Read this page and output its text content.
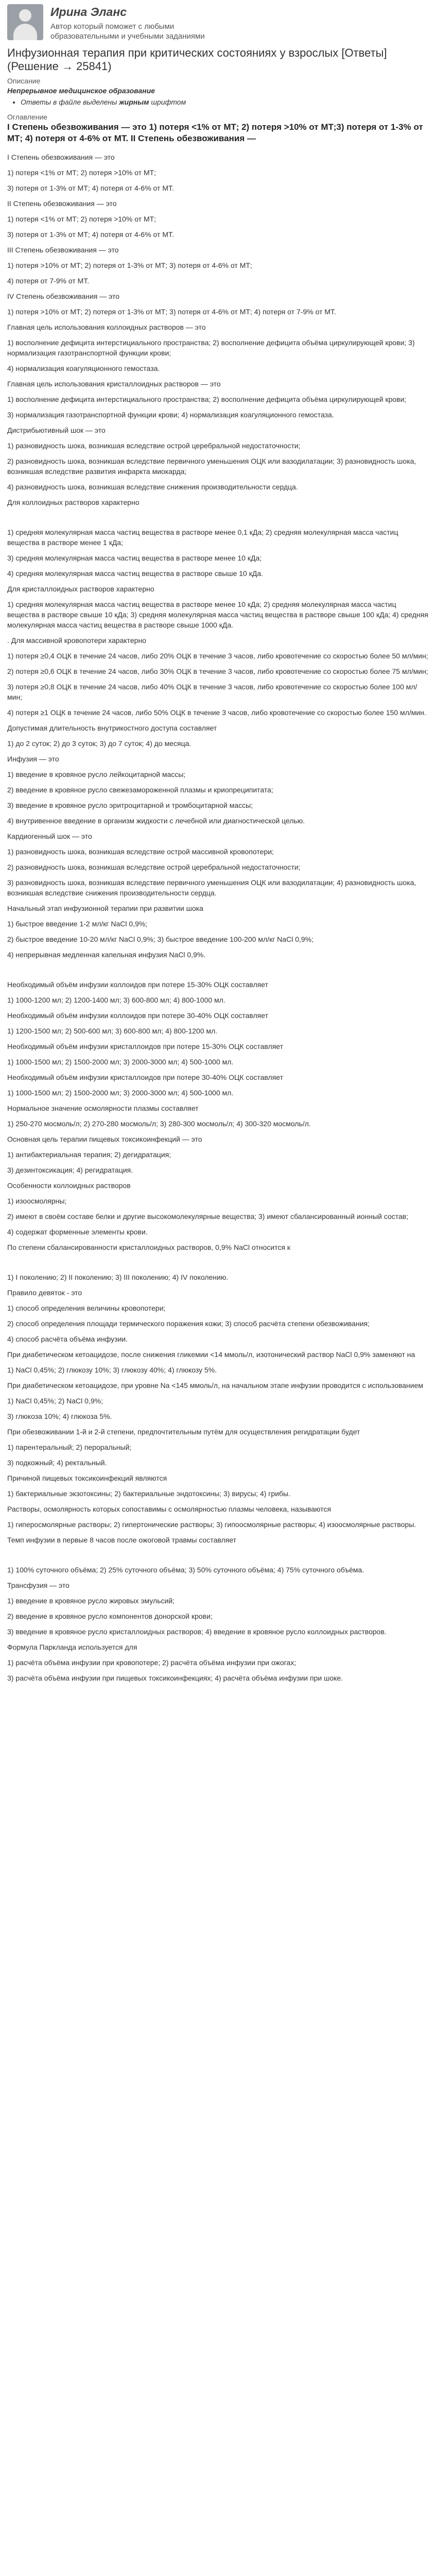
Ирина Эланс
Автор который поможет с любыми образовательными и учебными заданиями
Инфузионная терапия при критических состояниях у взрослых [Ответы] (Решение → 25841)
Описание
Непрерывное медицинское образование
• Ответы в файле выделены жирным шрифтом
Оглавление
I Степень обезвоживания — это 1) потеря <1% от МТ; 2) потеря >10% от МТ;3) потеря от 1-3% от МТ; 4) потеря от 4-6% от МТ. II Степень обезвоживания —
I Степень обезвоживания — это
1) потеря <1% от МТ; 2) потеря >10% от МТ;
3) потеря от 1-3% от МТ; 4) потеря от 4-6% от МТ.
II Степень обезвоживания — это
1) потеря <1% от МТ; 2) потеря >10% от МТ;
3) потеря от 1-3% от МТ; 4) потеря от 4-6% от МТ.
III Степень обезвоживания — это
1) потеря >10% от МТ; 2) потеря от 1-3% от МТ; 3) потеря от 4-6% от МТ;
4) потеря от 7-9% от МТ.
IV Степень обезвоживания — это
1) потеря >10% от МТ; 2) потеря от 1-3% от МТ; 3) потеря от 4-6% от МТ; 4) потеря от 7-9% от МТ.
Главная цель использования коллоидных растворов — это
1) восполнение дефицита интерстициального пространства; 2) восполнение дефицита объёма циркулирующей крови; 3) нормализация газотранспортной функции крови;
4) нормализация коагуляционного гемостаза.
Главная цель использования кристаллоидных растворов — это
1) восполнение дефицита интерстициального пространства; 2) восполнение дефицита объёма циркулирующей крови;
3) нормализация газотранспортной функции крови; 4) нормализация коагуляционного гемостаза.
Дистрибьютивный шок — это
1) разновидность шока, возникшая вследствие острой церебральной недостаточности;
2) разновидность шока, возникшая вследствие первичного уменьшения ОЦК или вазодилатации; 3) разновидность шока, возникшая вследствие развития инфаркта миокарда;
4) разновидность шока, возникшая вследствие снижения производительности сердца.
Для коллоидных растворов характерно
1) средняя молекулярная масса частиц вещества в растворе менее 0,1 кДа; 2) средняя молекулярная масса частиц вещества в растворе менее 1 кДа;
3) средняя молекулярная масса частиц вещества в растворе менее 10 кДа;
4) средняя молекулярная масса частиц вещества в растворе свыше 10 кДа.
Для кристаллоидных растворов характерно
1) средняя молекулярная масса частиц вещества в растворе менее 10 кДа; 2) средняя молекулярная масса частиц вещества в растворе свыше 10 кДа; 3) средняя молекулярная масса частиц вещества в растворе свыше 100 кДа; 4) средняя молекулярная масса частиц вещества в растворе свыше 1000 кДа.
. Для массивной кровопотери характерно
1) потеря ≥0,4 ОЦК в течение 24 часов, либо 20% ОЦК в течение 3 часов, либо кровотечение со скоростью более 50 мл/мин;
2) потеря ≥0,6 ОЦК в течение 24 часов, либо 30% ОЦК в течение 3 часов, либо кровотечение со скоростью более 75 мл/мин;
3) потеря ≥0,8 ОЦК в течение 24 часов, либо 40% ОЦК в течение 3 часов, либо кровотечение со скоростью более 100 мл/мин;
4) потеря ≥1 ОЦК в течение 24 часов, либо 50% ОЦК в течение 3 часов, либо кровотечение со скоростью более 150 мл/мин.
Допустимая длительность внутрикостного доступа составляет
1) до 2 суток; 2) до 3 суток; 3) до 7 суток; 4) до месяца.
Инфузия — это
1) введение в кровяное русло лейкоцитарной массы;
2) введение в кровяное русло свежезамороженной плазмы и криопреципитата;
3) введение в кровяное русло эритроцитарной и тромбоцитарной массы;
4) внутривенное введение в организм жидкости с лечебной или диагностической целью.
Кардиогенный шок — это
1) разновидность шока, возникшая вследствие острой массивной кровопотери;
2) разновидность шока, возникшая вследствие острой церебральной недостаточности;
3) разновидность шока, возникшая вследствие первичного уменьшения ОЦК или вазодилатации; 4) разновидность шока, возникшая вследствие снижения производительности сердца.
Начальный этап инфузионной терапии при развитии шока
1) быстрое введение 1-2 мл/кг NaCl 0,9%;
2) быстрое введение 10-20 мл/кг NaCl 0,9%; 3) быстрое введение 100-200 мл/кг NaCl 0,9%;
4) непрерывная медленная капельная инфузия NaCl 0,9%.
Необходимый объём инфузии коллоидов при потере 15-30% ОЦК составляет
1) 1000-1200 мл; 2) 1200-1400 мл; 3) 600-800 мл; 4) 800-1000 мл.
Необходимый объём инфузии коллоидов при потере 30-40% ОЦК составляет
1) 1200-1500 мл; 2) 500-600 мл; 3) 600-800 мл; 4) 800-1200 мл.
Необходимый объём инфузии кристаллоидов при потере 15-30% ОЦК составляет
1) 1000-1500 мл; 2) 1500-2000 мл; 3) 2000-3000 мл; 4) 500-1000 мл.
Необходимый объём инфузии кристаллоидов при потере 30-40% ОЦК составляет
1) 1000-1500 мл; 2) 1500-2000 мл; 3) 2000-3000 мл; 4) 500-1000 мл.
Нормальное значение осмолярности плазмы составляет
1) 250-270 мосмоль/л; 2) 270-280 мосмоль/л; 3) 280-300 мосмоль/л; 4) 300-320 мосмоль/л.
Основная цель терапии пищевых токсикоинфекций — это
1) антибактериальная терапия; 2) дегидратация;
3) дезинтоксикация; 4) регидратация.
Особенности коллоидных растворов
1) изоосмолярны;
2) имеют в своём составе белки и другие высокомолекулярные вещества; 3) имеют сбалансированный ионный состав;
4) содержат форменные элементы крови.
По степени сбалансированности кристаллоидных растворов, 0,9% NaCl относится к
1) I поколению; 2) II поколению; 3) III поколению; 4) IV поколению.
Правило девяток - это
1) способ определения величины кровопотери;
2) способ определения площади термического поражения кожи; 3) способ расчёта степени обезвоживания;
4) способ расчёта объёма инфузии.
При диабетическом кетоацидозе, после снижения гликемии <14 ммоль/л, изотонический раствор NaCl 0,9% заменяют на
1) NaCl 0,45%; 2) глюкозу 10%; 3) глюкозу 40%; 4) глюкозу 5%.
При диабетическом кетоацидозе, при уровне Na <145 ммоль/л, на начальном этапе инфузии проводится с использованием
1) NaCl 0,45%; 2) NaCl 0,9%;
3) глюкоза 10%; 4) глюкоза 5%.
При обезвоживании 1-й и 2-й степени, предпочтительным путём для осуществления регидратации будет
1) парентеральный; 2) пероральный;
3) подкожный; 4) ректальный.
Причиной пищевых токсикоинфекций являются
1) бактериальные экзотоксины; 2) бактериальные эндотоксины; 3) вирусы; 4) грибы.
Растворы, осмолярность которых сопоставимы с осмолярностью плазмы человека, называются
1) гиперосмолярные растворы; 2) гипертонические растворы; 3) гипоосмолярные растворы; 4) изоосмолярные растворы.
Темп инфузии в первые 8 часов после ожоговой травмы составляет
1) 100% суточного объёма; 2) 25% суточного объёма; 3) 50% суточного объёма; 4) 75% суточного объёма.
Трансфузия — это
1) введение в кровяное русло жировых эмульсий;
2) введение в кровяное русло компонентов донорской крови;
3) введение в кровяное русло кристаллоидных растворов; 4) введение в кровяное русло коллоидных растворов.
Формула Паркланда используется для
1) расчёта объёма инфузии при кровопотере; 2) расчёта объёма инфузии при ожогах;
3) расчёта объёма инфузии при пищевых токсикоинфекциях; 4) расчёта объёма инфузии при шоке.
